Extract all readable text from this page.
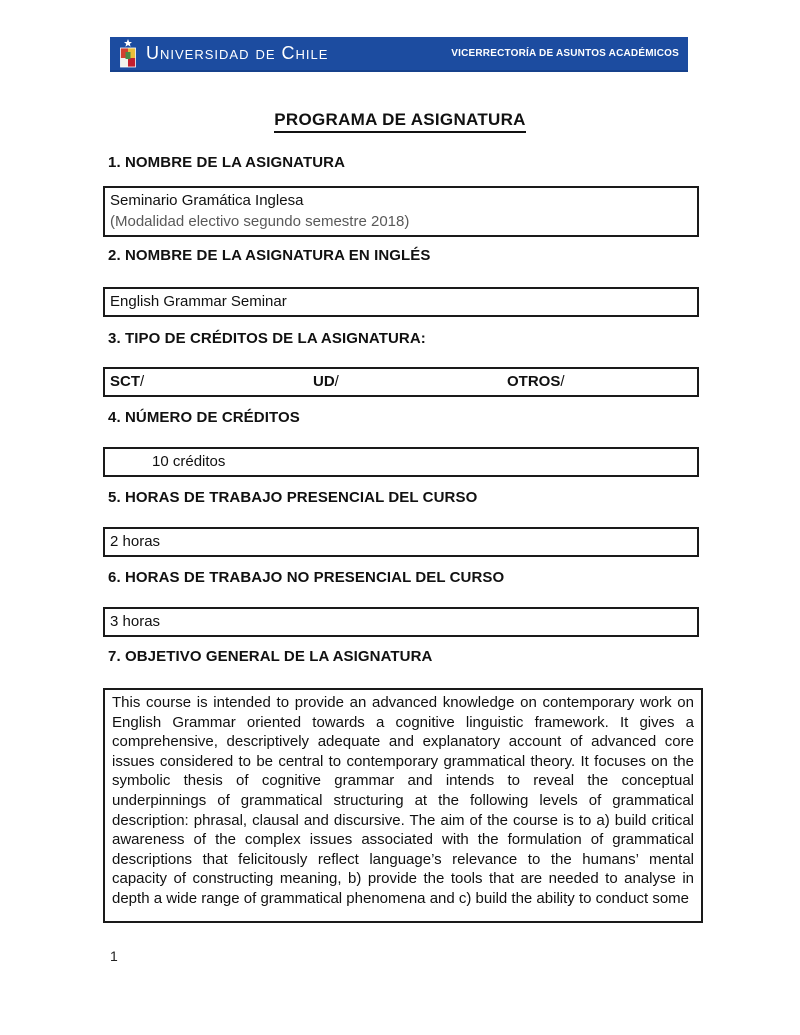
Universidad de Chile	VICERRECTORÍA DE ASUNTOS ACADÉMICOS
PROGRAMA DE ASIGNATURA
1. NOMBRE DE LA ASIGNATURA
Seminario Gramática Inglesa
(Modalidad electivo segundo semestre 2018)
2. NOMBRE DE LA ASIGNATURA EN INGLÉS
English Grammar Seminar
3. TIPO DE CRÉDITOS DE LA ASIGNATURA:
SCT/	UD/	OTROS/
4. NÚMERO DE CRÉDITOS
10 créditos
5. HORAS DE TRABAJO PRESENCIAL DEL CURSO
2 horas
6. HORAS DE TRABAJO NO PRESENCIAL DEL CURSO
3 horas
7. OBJETIVO GENERAL DE LA ASIGNATURA
This course is intended to provide an advanced knowledge on contemporary work on English Grammar oriented towards a cognitive linguistic framework. It gives a comprehensive, descriptively adequate and explanatory account of advanced core issues considered to be central to contemporary grammatical theory. It focuses on the symbolic thesis of cognitive grammar and intends to reveal the conceptual underpinnings of grammatical structuring at the following levels of grammatical description: phrasal, clausal and discursive. The aim of the course is to a) build critical awareness of the complex issues associated with the formulation of grammatical descriptions that felicitously reflect language’s relevance to the humans’ mental capacity of constructing meaning, b) provide the tools that are needed to analyse in depth a wide range of grammatical phenomena and c) build the ability to conduct some
1
